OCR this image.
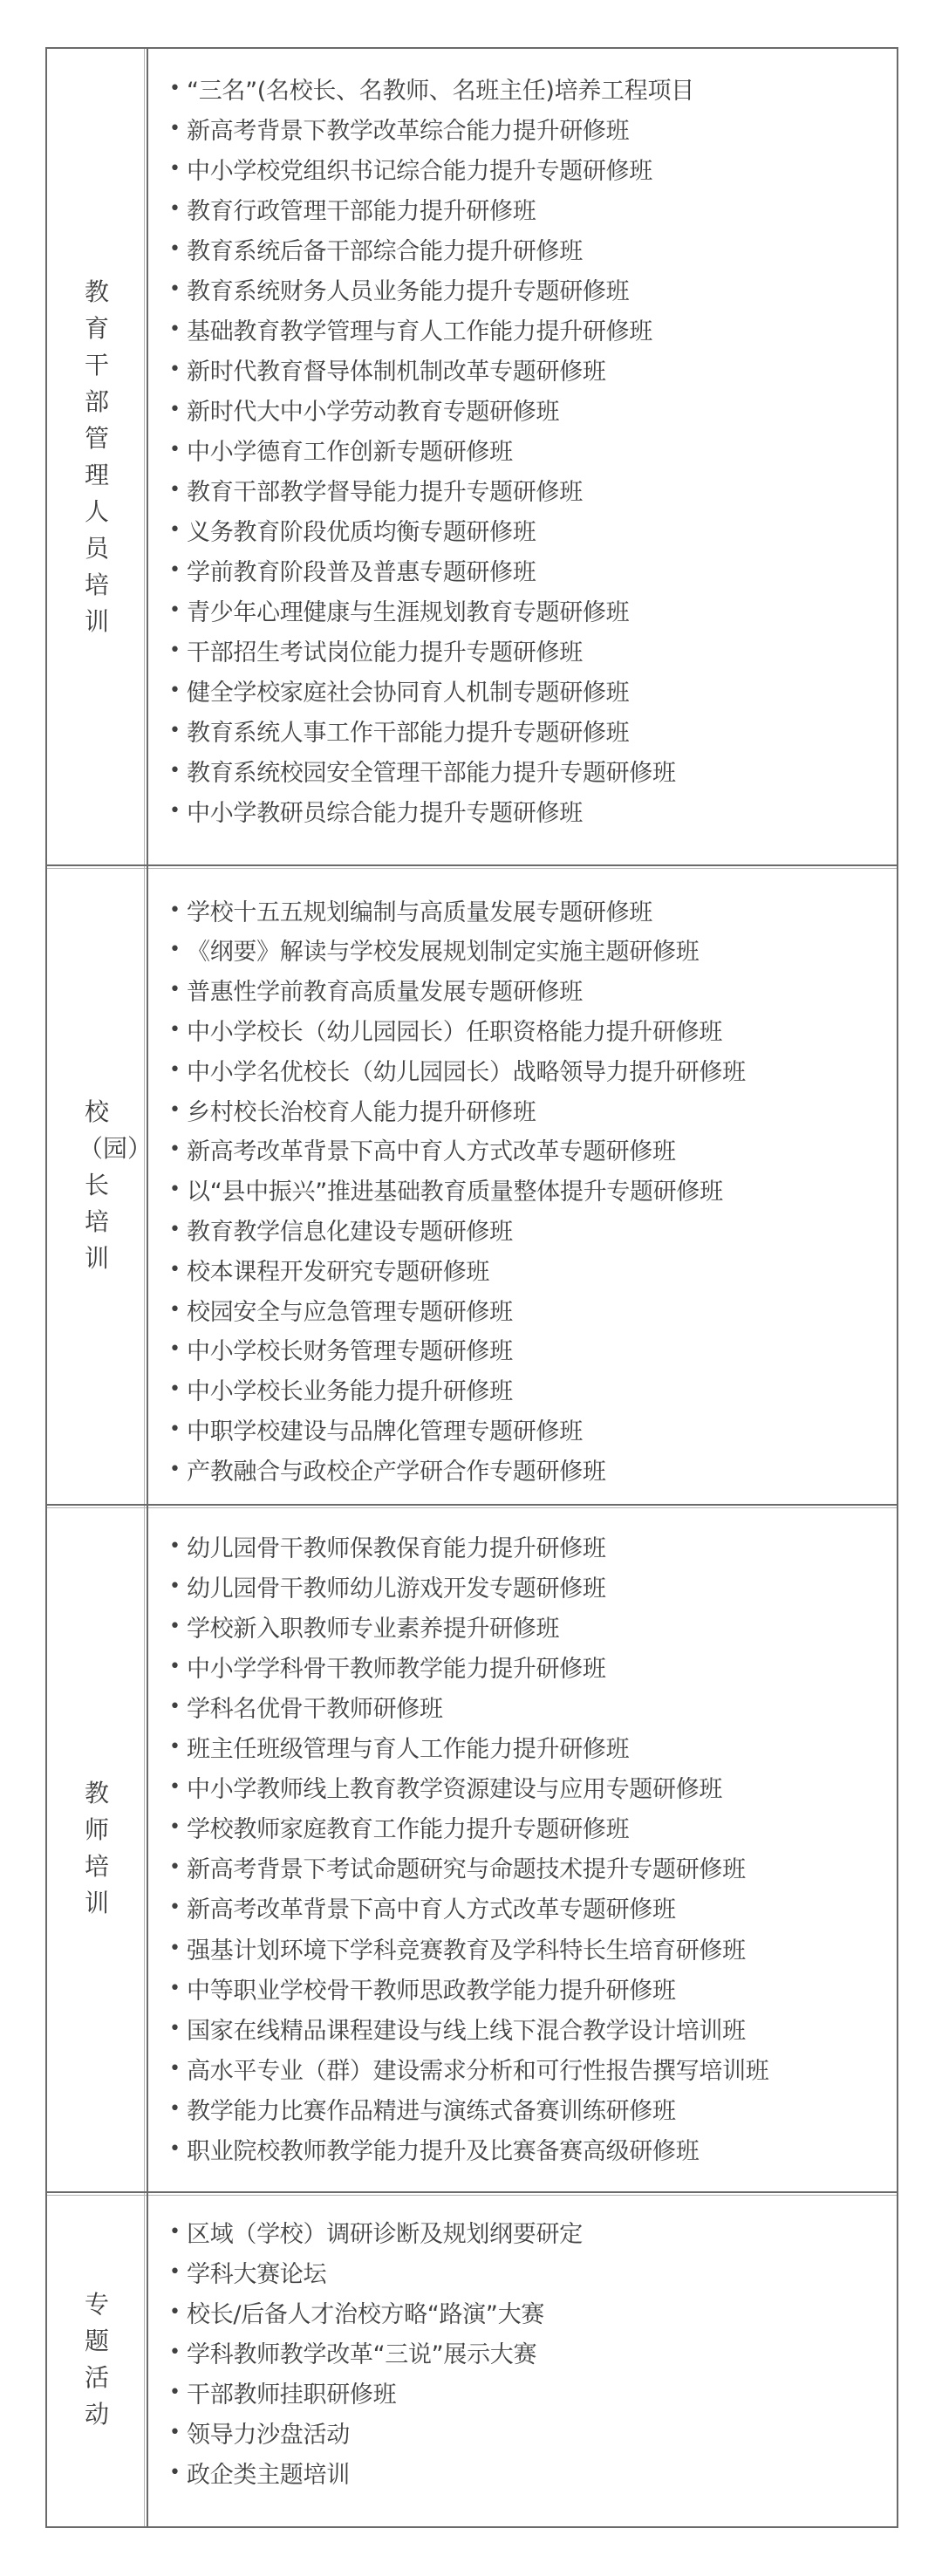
教育干部管理人员培训
• “三名”(名校长、名教师、名班主任)培养工程项目
• 新高考背景下教学改革综合能力提升研修班
• 中小学校党组织书记综合能力提升专题研修班
• 教育行政管理干部能力提升研修班
• 教育系统后备干部综合能力提升研修班
• 教育系统财务人员业务能力提升专题研修班
• 基础教育教学管理与育人工作能力提升研修班
• 新时代教育督导体制机制改革专题研修班
• 新时代大中小学劳动教育专题研修班
• 中小学德育工作创新专题研修班
• 教育干部教学督导能力提升专题研修班
• 义务教育阶段优质均衡专题研修班
• 学前教育阶段普及普惠专题研修班
• 青少年心理健康与生涯规划教育专题研修班
• 干部招生考试岗位能力提升专题研修班
• 健全学校家庭社会协同育人机制专题研修班
• 教育系统人事工作干部能力提升专题研修班
• 教育系统校园安全管理干部能力提升专题研修班
• 中小学教研员综合能力提升专题研修班
校（园）长培训
• 学校十五五规划编制与高质量发展专题研修班
• 《纲要》解读与学校发展规划制定实施主题研修班
• 普惠性学前教育高质量发展专题研修班
• 中小学校长（幼儿园园长）任职资格能力提升研修班
• 中小学名优校长（幼儿园园长）战略领导力提升研修班
• 乡村校长治校育人能力提升研修班
• 新高考改革背景下高中育人方式改革专题研修班
• 以“县中振兴”推进基础教育质量整体提升专题研修班
• 教育教学信息化建设专题研修班
• 校本课程开发研究专题研修班
• 校园安全与应急管理专题研修班
• 中小学校长财务管理专题研修班
• 中小学校长业务能力提升研修班
• 中职学校建设与品牌化管理专题研修班
• 产教融合与政校企产学研合作专题研修班
教师培训
• 幼儿园骨干教师保教保育能力提升研修班
• 幼儿园骨干教师幼儿游戏开发专题研修班
• 学校新入职教师专业素养提升研修班
• 中小学学科骨干教师教学能力提升研修班
• 学科名优骨干教师研修班
• 班主任班级管理与育人工作能力提升研修班
• 中小学教师线上教育教学资源建设与应用专题研修班
• 学校教师家庭教育工作能力提升专题研修班
• 新高考背景下考试命题研究与命题技术提升专题研修班
• 新高考改革背景下高中育人方式改革专题研修班
• 强基计划环境下学科竞赛教育及学科特长生培育研修班
• 中等职业学校骨干教师思政教学能力提升研修班
• 国家在线精品课程建设与线上线下混合教学设计培训班
• 高水平专业（群）建设需求分析和可行性报告撰写培训班
• 教学能力比赛作品精进与演练式备赛训练研修班
• 职业院校教师教学能力提升及比赛备赛高级研修班
专题活动
• 区域（学校）调研诊断及规划纲要研定
• 学科大赛论坛
• 校长/后备人才治校方略“路演”大赛
• 学科教师教学改革“三说”展示大赛
• 干部教师挂职研修班
• 领导力沙盘活动
• 政企类主题培训
